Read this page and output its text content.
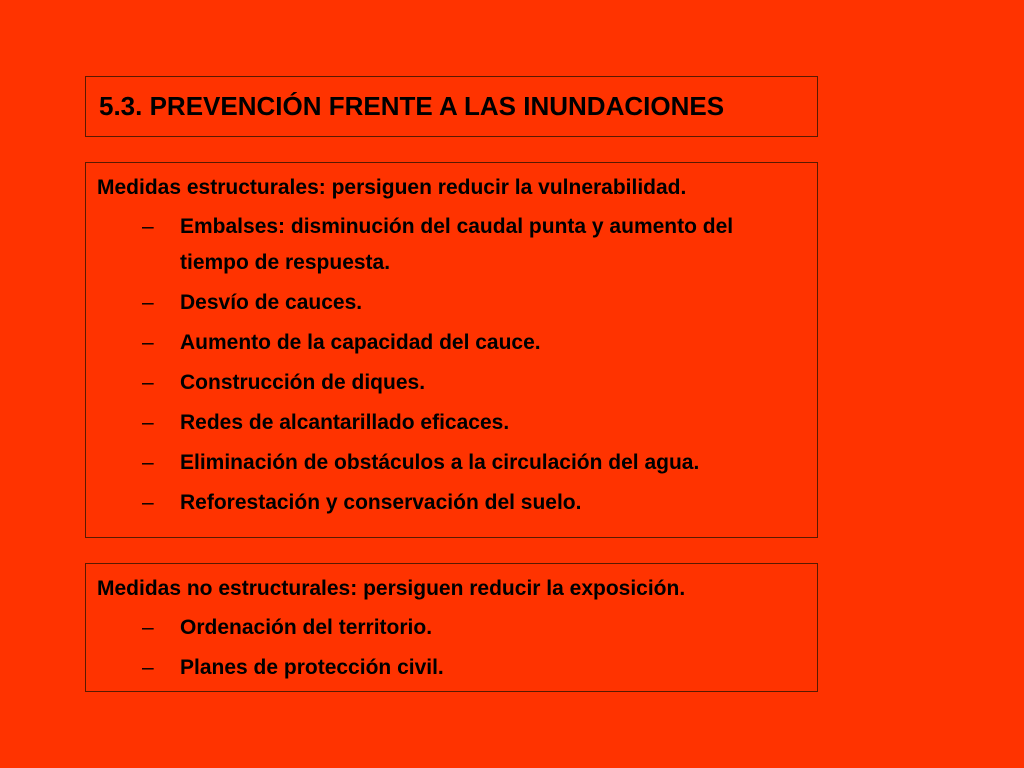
5.3. PREVENCIÓN FRENTE A LAS INUNDACIONES
Medidas estructurales: persiguen reducir la vulnerabilidad.
– Embalses: disminución del caudal punta y aumento del tiempo de respuesta.
– Desvío de cauces.
– Aumento de la capacidad del cauce.
– Construcción de diques.
– Redes de alcantarillado eficaces.
– Eliminación de obstáculos a la circulación del agua.
– Reforestación y conservación del suelo.
Medidas no estructurales: persiguen reducir la exposición.
– Ordenación del territorio.
– Planes de protección civil.
